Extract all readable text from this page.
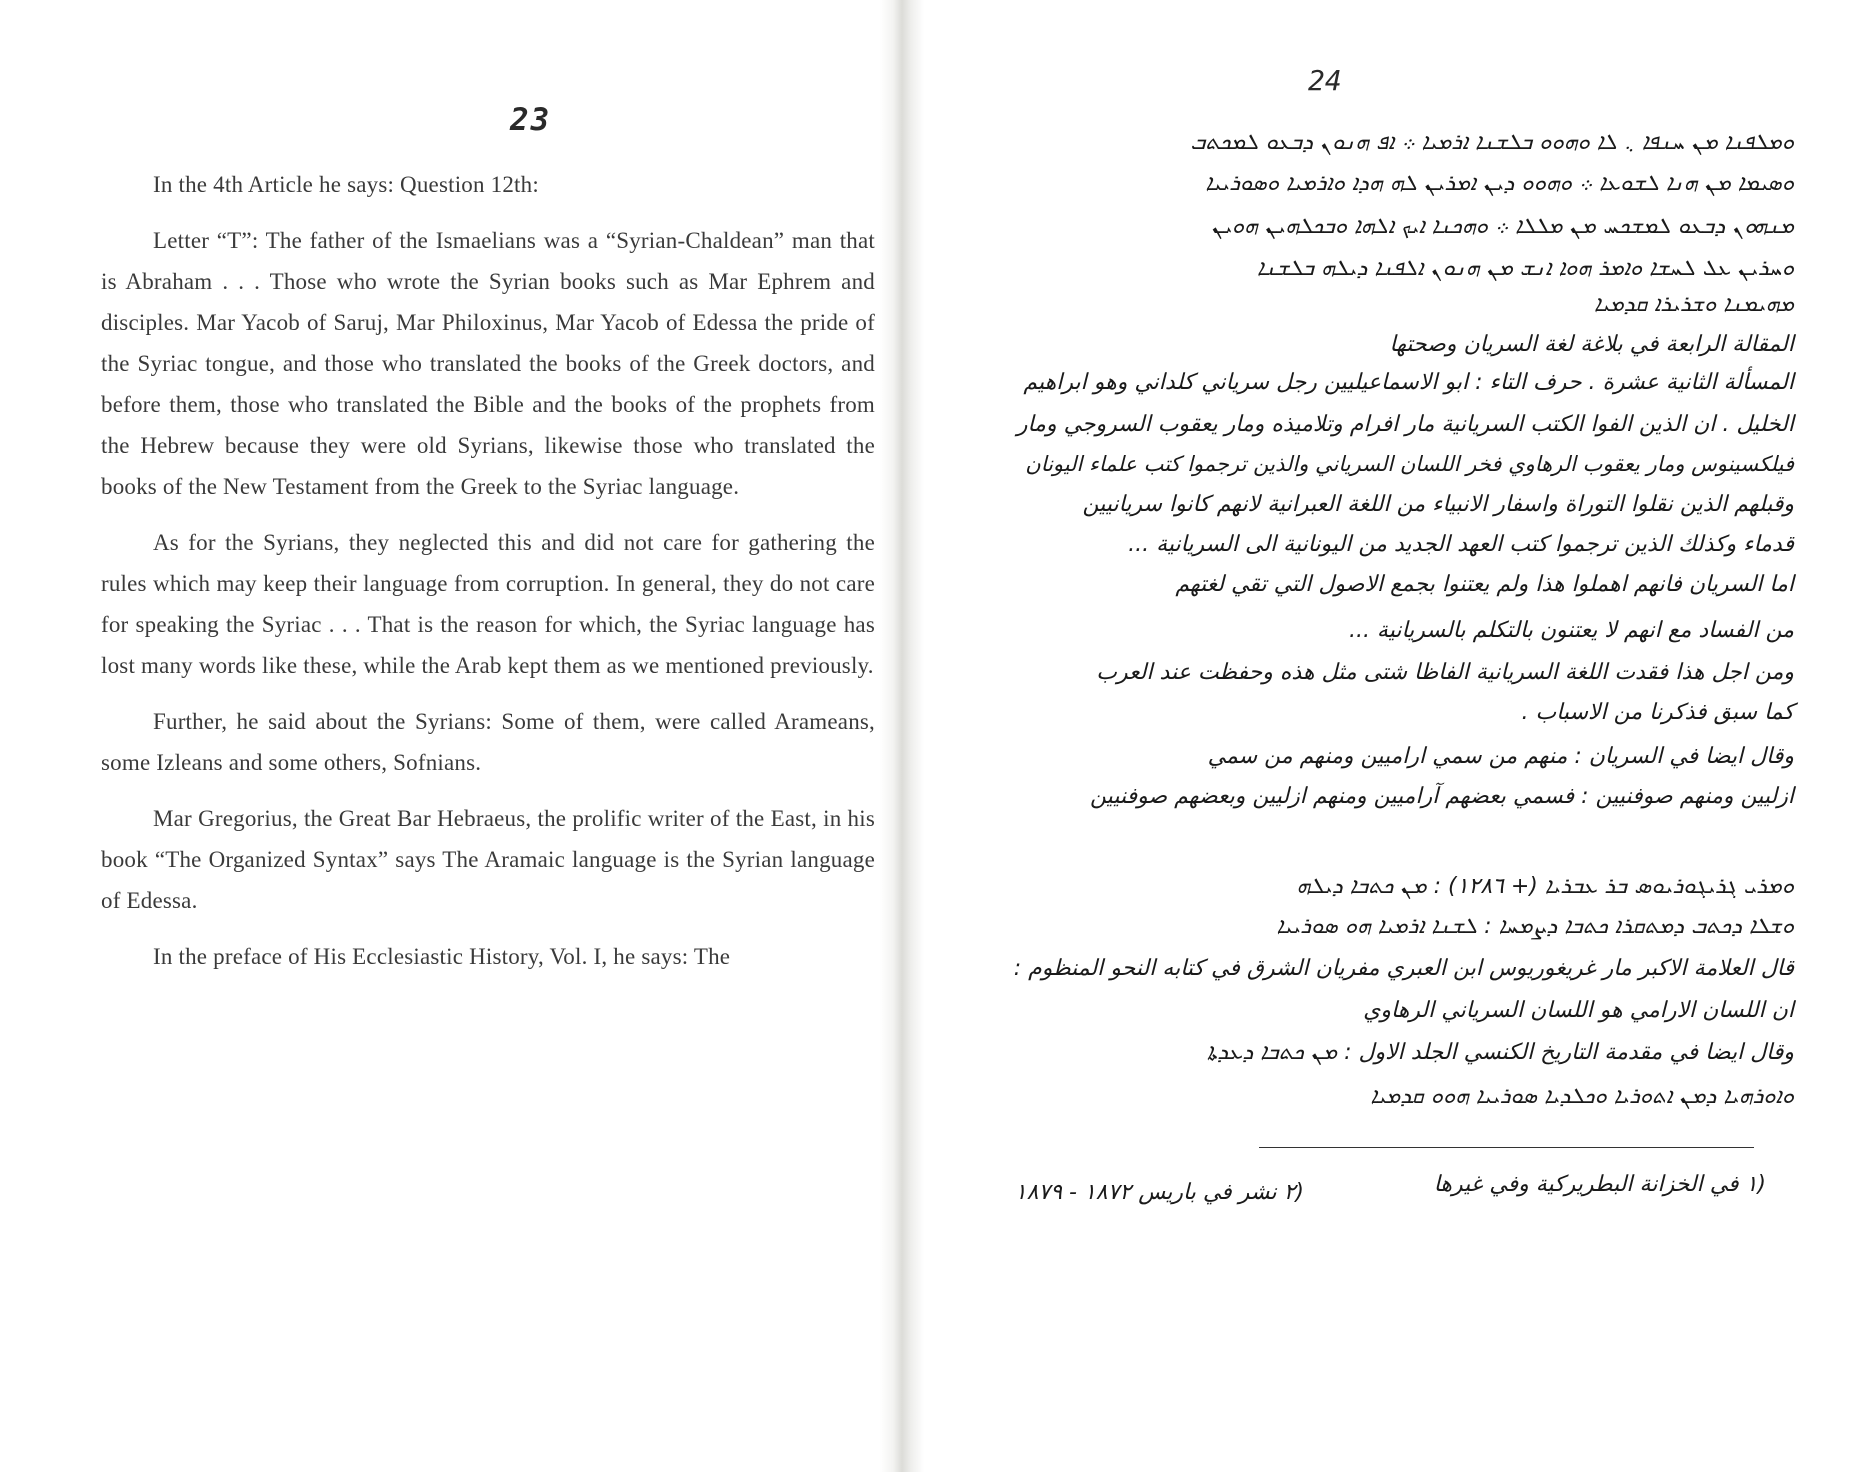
23

In the 4th Article he says: Question 12th:

Letter “T”: The father of the Ismaelians was a “Syrian-Chaldean” man that is Abraham . . . Those who wrote the Syrian books such as Mar Ephrem and disciples. Mar Yacob of Saruj, Mar Philoxinus, Mar Yacob of Edessa the pride of the Syriac tongue, and those who translated the books of the Greek doctors, and before them, those who translated the Bible and the books of the prophets from the Hebrew because they were old Syrians, likewise those who translated the books of the New Testament from the Greek to the Syriac language.

As for the Syrians, they neglected this and did not care for gathering the rules which may keep their language from corruption. In general, they do not care for speaking the Syriac . . . That is the reason for which, the Syriac language has lost many words like these, while the Arab kept them as we mentioned previously.

Further, he said about the Syrians: Some of them, were called Arameans, some Izleans and some others, Sofnians.

Mar Gregorius, the Great Bar Hebraeus, the prolific writer of the East, in his book “The Organized Syntax” says The Aramaic language is the Syrian language of Edessa.

In the preface of His Ecclesiastic History, Vol. I, he says: The

24
ܘܡܠܦܢܐ ܡܢ ܚܢܦܐ ܆ ܠܐ ܘܗܘܘ ܒܠܫܢܐ ܐܪܡܝܐ ܀ ܐܦ ܗܢܘܢ ܕܒܥܘ ܠܡܟܬܒ
ܘܣܝܡܐ ܡܢ ܗܢܐ ܠܫܘܥܐ ܀ ܘܗܘܘ ܕܝܢ ܐܡܪܝܢ ܠܗ ܗܕܐ ܘܐܪܡܝܐ ܘܣܘܪܝܝܐ
ܡܢܗܘܢ ܕܒܥܘ ܠܡܫܟܚ ܡܢ ܡܠܠܐ ܀ ܘܗܟܢܐ ܐܝܟ ܐܠܗܐ ܘܒܟܠܗܝܢ ܗܘܝܢ
ܘܚܪܝܢ ܥܠ ܠܚܫܐ ܘܐܡܪ ܗܘܐ ܐܢܫ ܡܢ ܗܢܘܢ ܐܠܦܢܐ ܕܝܠܗ ܒܠܫܢܐ
ܡܗܝܡܢܐ ܘܫܪܝܪܐ ܩܕܡܝܐ
المقالة الرابعة في بلاغة لغة السريان وصحتها
المسألة الثانية عشرة . حرف التاء : ابو الاسماعيليين رجل سرياني كلداني وهو ابراهيم
الخليل . ان الذين الفوا الكتب السريانية مار افرام وتلاميذه ومار يعقوب السروجي ومار
فيلكسينوس ومار يعقوب الرهاوي فخر اللسان السرياني والذين ترجموا كتب علماء اليونان
وقبلهم الذين نقلوا التوراة واسفار الانبياء من اللغة العبرانية لانهم كانوا سريانيين
قدماء وكذلك الذين ترجموا كتب العهد الجديد من اليونانية الى السريانية ...
اما السريان فانهم اهملوا هذا ولم يعتنوا بجمع الاصول التي تقي لغتهم
من الفساد مع انهم لا يعتنون بالتكلم بالسريانية ...
ومن اجل هذا فقدت اللغة السريانية الفاظا شتى مثل هذه وحفظت عند العرب
كما سبق فذكرنا من الاسباب .
وقال ايضا في السريان : منهم من سمي اراميين ومنهم من سمي
ازليين ومنهم صوفنيين : فسمي بعضهم آراميين ومنهم ازليين وبعضهم صوفنيين
ܘܡܪܝ ܓܪܝܓܘܪܝܘܣ ܒܪ ܥܒܪܝܐ (+ ١٢٨٦) : ܡܢ ܟܬܒܐ ܕܝܠܗ
ܘܫܠܐ ܕܟܬܒ ܕܡܬܩܪܐ ܟܬܒܐ ܕܨܡܚܐ : ܠܫܢܐ ܐܪܡܝܐ ܗܘ ܣܘܪܝܝܐ
قال العلامة الاكبر مار غريغوريوس ابن العبري مفريان الشرق في كتابه النحو المنظوم :
ان اللسان الارامي هو اللسان السرياني الرهاوي
وقال ايضا في مقدمة التاريخ الكنسي الجلد الاول : ܡܢ ܟܬܒܐ ܕܥܕܬܐ
ܘܐܘܪܗܝܐ ܕܡܢ ܐܬܘܪܝܐ ܘܟܠܕܝܐ ܣܘܪܝܝܐ ܗܘܘ ܩܕܡܝܐ
(١ في الخزانة البطريركية وفي غيرها
(٢ نشر في باريس ١٨٧٢ - ١٨٧٩
